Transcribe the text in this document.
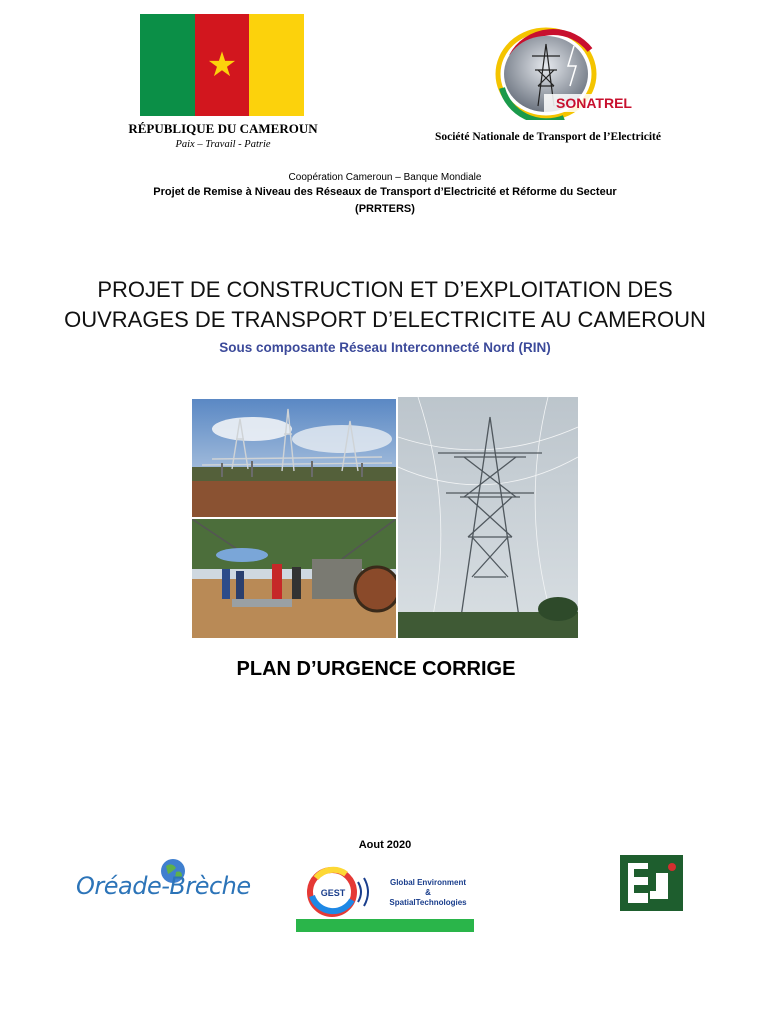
★
RÉPUBLIQUE DU CAMEROUN
Paix – Travail - Patrie
SONATREL
Société Nationale de Transport de l’Electricité
Coopération Cameroun – Banque Mondiale
Projet de Remise à Niveau des Réseaux de Transport d’Electricité et Réforme du Secteur
(PRRTERS)
PROJET DE CONSTRUCTION ET D’EXPLOITATION DES
OUVRAGES DE TRANSPORT D’ELECTRICITE AU CAMEROUN
Sous composante Réseau Interconnecté Nord (RIN)
PLAN D’URGENCE CORRIGE
Aout 2020
Oréade-Brèche	GEST
Global Environment
&
SpatialTechnologies
EJ
